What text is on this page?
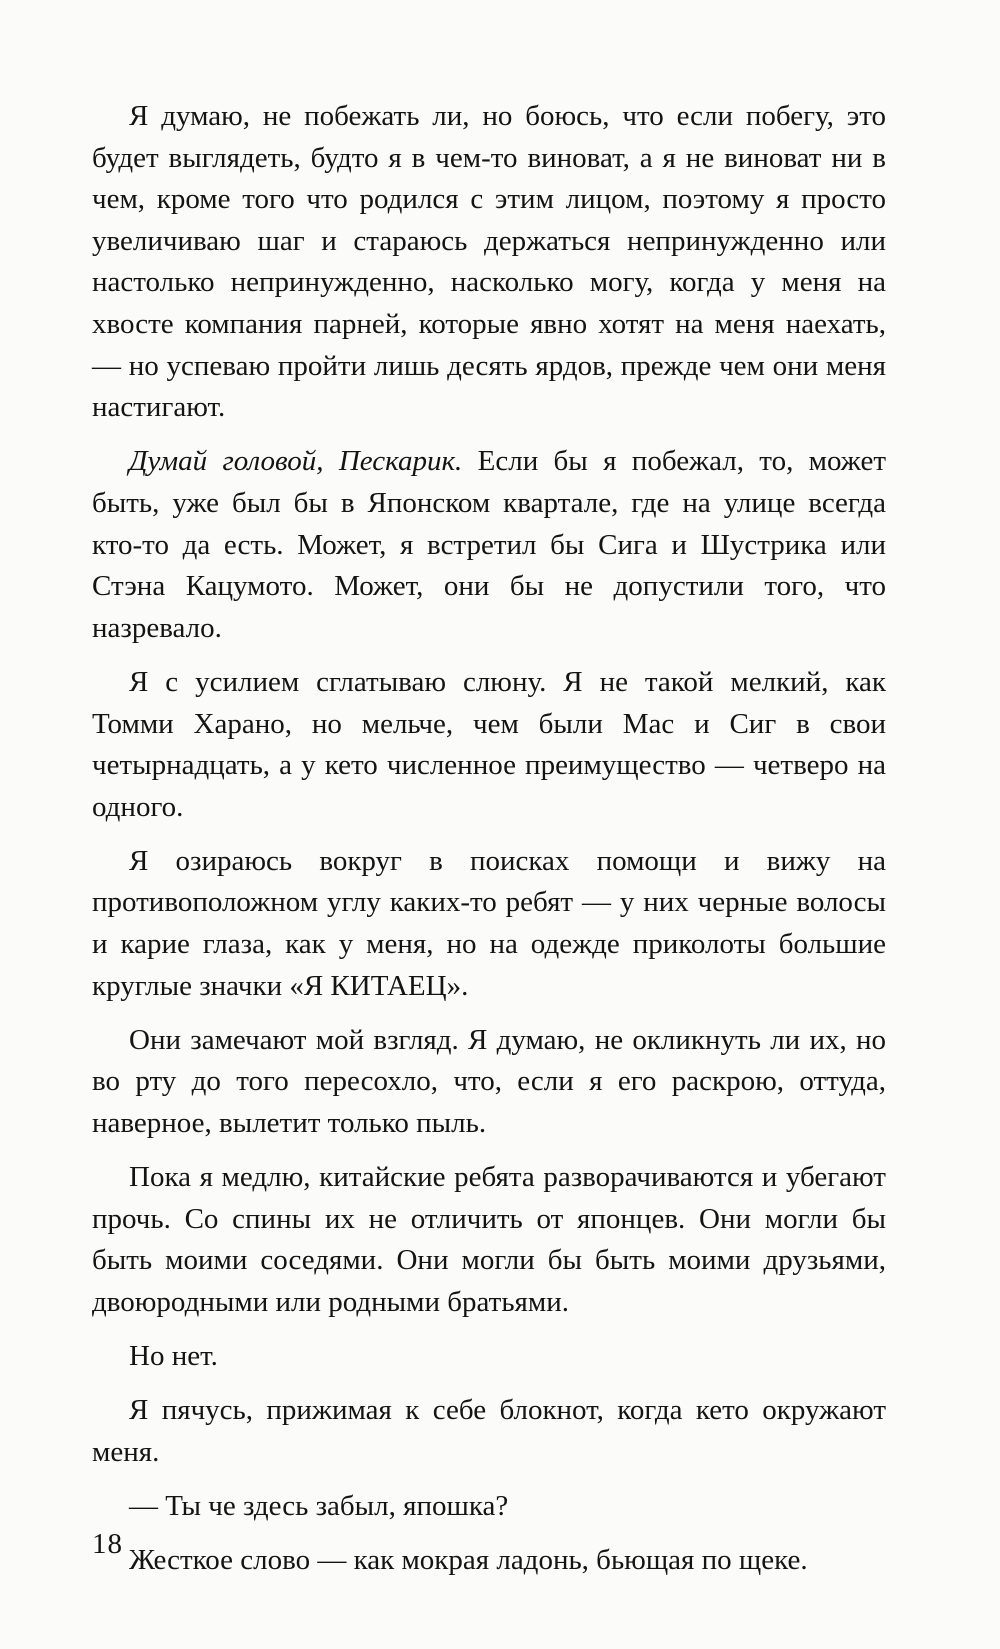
Я думаю, не побежать ли, но боюсь, что если побегу, это будет выглядеть, будто я в чем-то виноват, а я не виноват ни в чем, кроме того что родился с этим лицом, поэтому я просто увеличиваю шаг и стараюсь держаться непринужденно или настолько непринужденно, насколько могу, когда у меня на хвосте компания парней, которые явно хотят на меня наехать, — но успеваю пройти лишь десять ярдов, прежде чем они меня настигают.

Думай головой, Пескарик. Если бы я побежал, то, может быть, уже был бы в Японском квартале, где на улице всегда кто-то да есть. Может, я встретил бы Сига и Шустрика или Стэна Кацумото. Может, они бы не допустили того, что назревало.

Я с усилием сглатываю слюну. Я не такой мелкий, как Томми Харано, но мельче, чем были Мас и Сиг в свои четырнадцать, а у кето численное преимущество — четверо на одного.

Я озираюсь вокруг в поисках помощи и вижу на противоположном углу каких-то ребят — у них черные волосы и карие глаза, как у меня, но на одежде приколоты большие круглые значки «Я КИТАЕЦ».

Они замечают мой взгляд. Я думаю, не окликнуть ли их, но во рту до того пересохло, что, если я его раскрою, оттуда, наверное, вылетит только пыль.

Пока я медлю, китайские ребята разворачиваются и убегают прочь. Со спины их не отличить от японцев. Они могли бы быть моими соседями. Они могли бы быть моими друзьями, двоюродными или родными братьями.

Но нет.

Я пячусь, прижимая к себе блокнот, когда кето окружают меня.

— Ты че здесь забыл, япошка?

Жесткое слово — как мокрая ладонь, бьющая по щеке.

18
